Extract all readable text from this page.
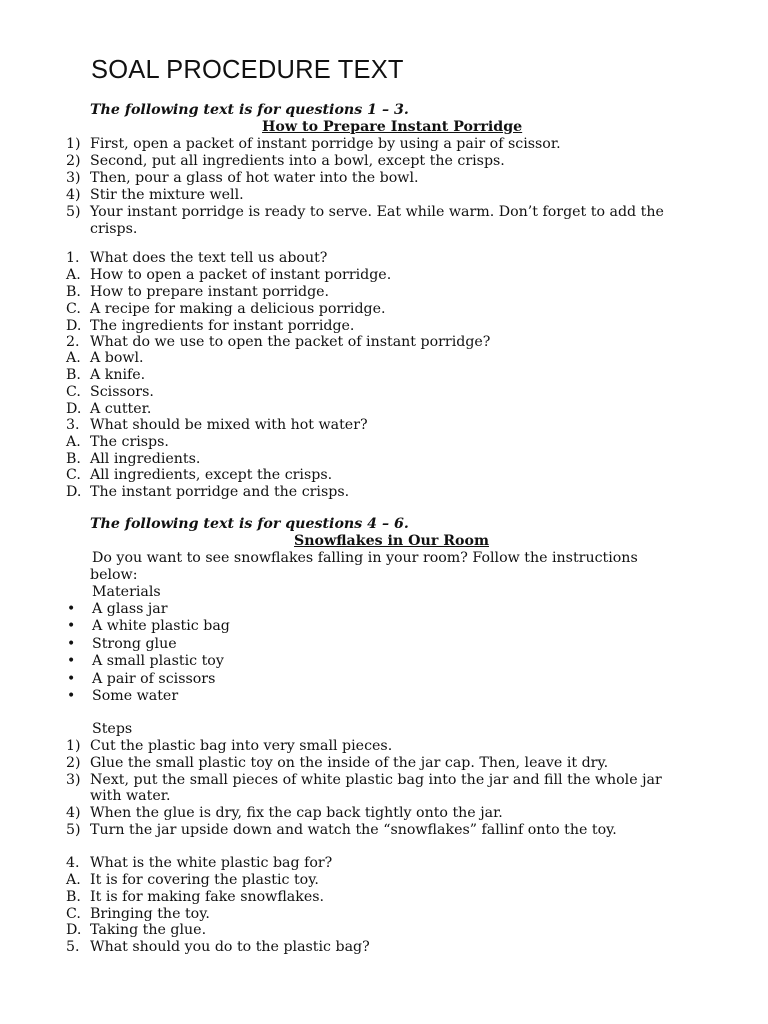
SOAL PROCEDURE TEXT
The following text is for questions 1 – 3.
How to Prepare Instant Porridge
1) First, open a packet of instant porridge by using a pair of scissor.
2) Second, put all ingredients into a bowl, except the crisps.
3) Then, pour a glass of hot water into the bowl.
4) Stir the mixture well.
5) Your instant porridge is ready to serve. Eat while warm. Don’t forget to add the
crisps.
1. What does the text tell us about?
A. How to open a packet of instant porridge.
B. How to prepare instant porridge.
C. A recipe for making a delicious porridge.
D. The ingredients for instant porridge.
2. What do we use to open the packet of instant porridge?
A. A bowl.
B. A knife.
C. Scissors.
D. A cutter.
3. What should be mixed with hot water?
A. The crisps.
B. All ingredients.
C. All ingredients, except the crisps.
D. The instant porridge and the crisps.
The following text is for questions 4 – 6.
Snowflakes in Our Room
Do you want to see snowflakes falling in your room? Follow the instructions
below:
Materials
• A glass jar
• A white plastic bag
• Strong glue
• A small plastic toy
• A pair of scissors
• Some water
Steps
1) Cut the plastic bag into very small pieces.
2) Glue the small plastic toy on the inside of the jar cap. Then, leave it dry.
3) Next, put the small pieces of white plastic bag into the jar and fill the whole jar
with water.
4) When the glue is dry, fix the cap back tightly onto the jar.
5) Turn the jar upside down and watch the “snowflakes” fallinf onto the toy.
4. What is the white plastic bag for?
A. It is for covering the plastic toy.
B. It is for making fake snowflakes.
C. Bringing the toy.
D. Taking the glue.
5. What should you do to the plastic bag?
